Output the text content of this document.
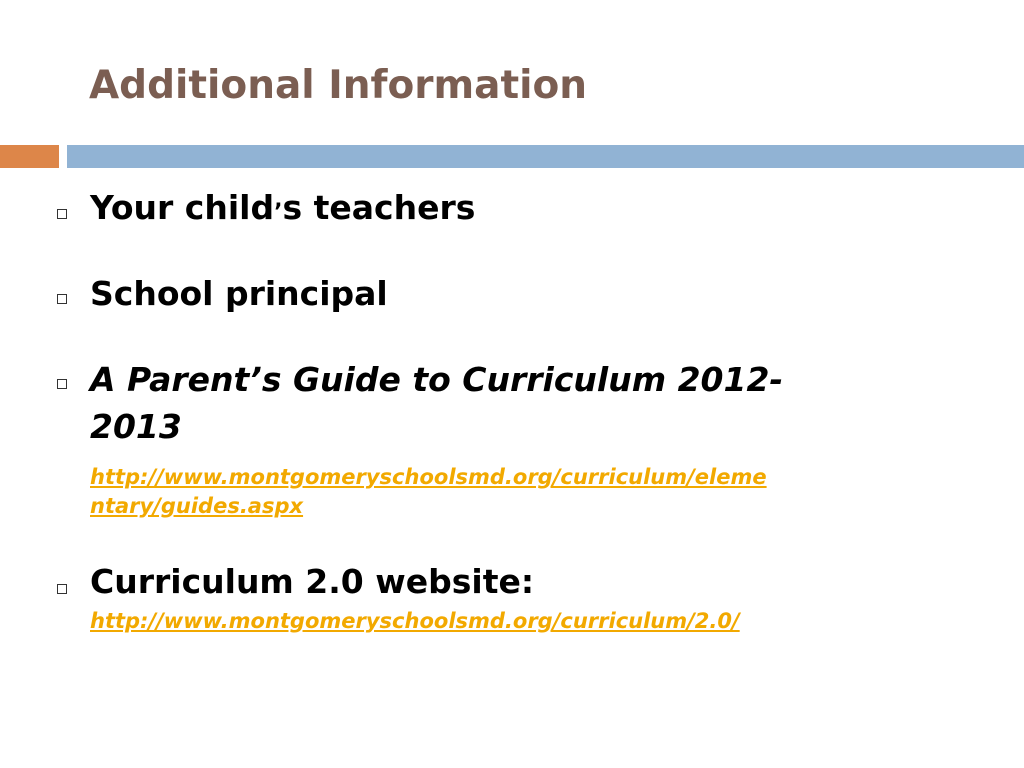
Additional Information

Your child’s teachers

School principal

A Parent’s Guide to Curriculum 2012-

2013

http://www.montgomeryschoolsmd.org/curriculum/eleme
ntary/guides.aspx

Curriculum 2.0 website:

http://www.montgomeryschoolsmd.org/curriculum/2.0/
